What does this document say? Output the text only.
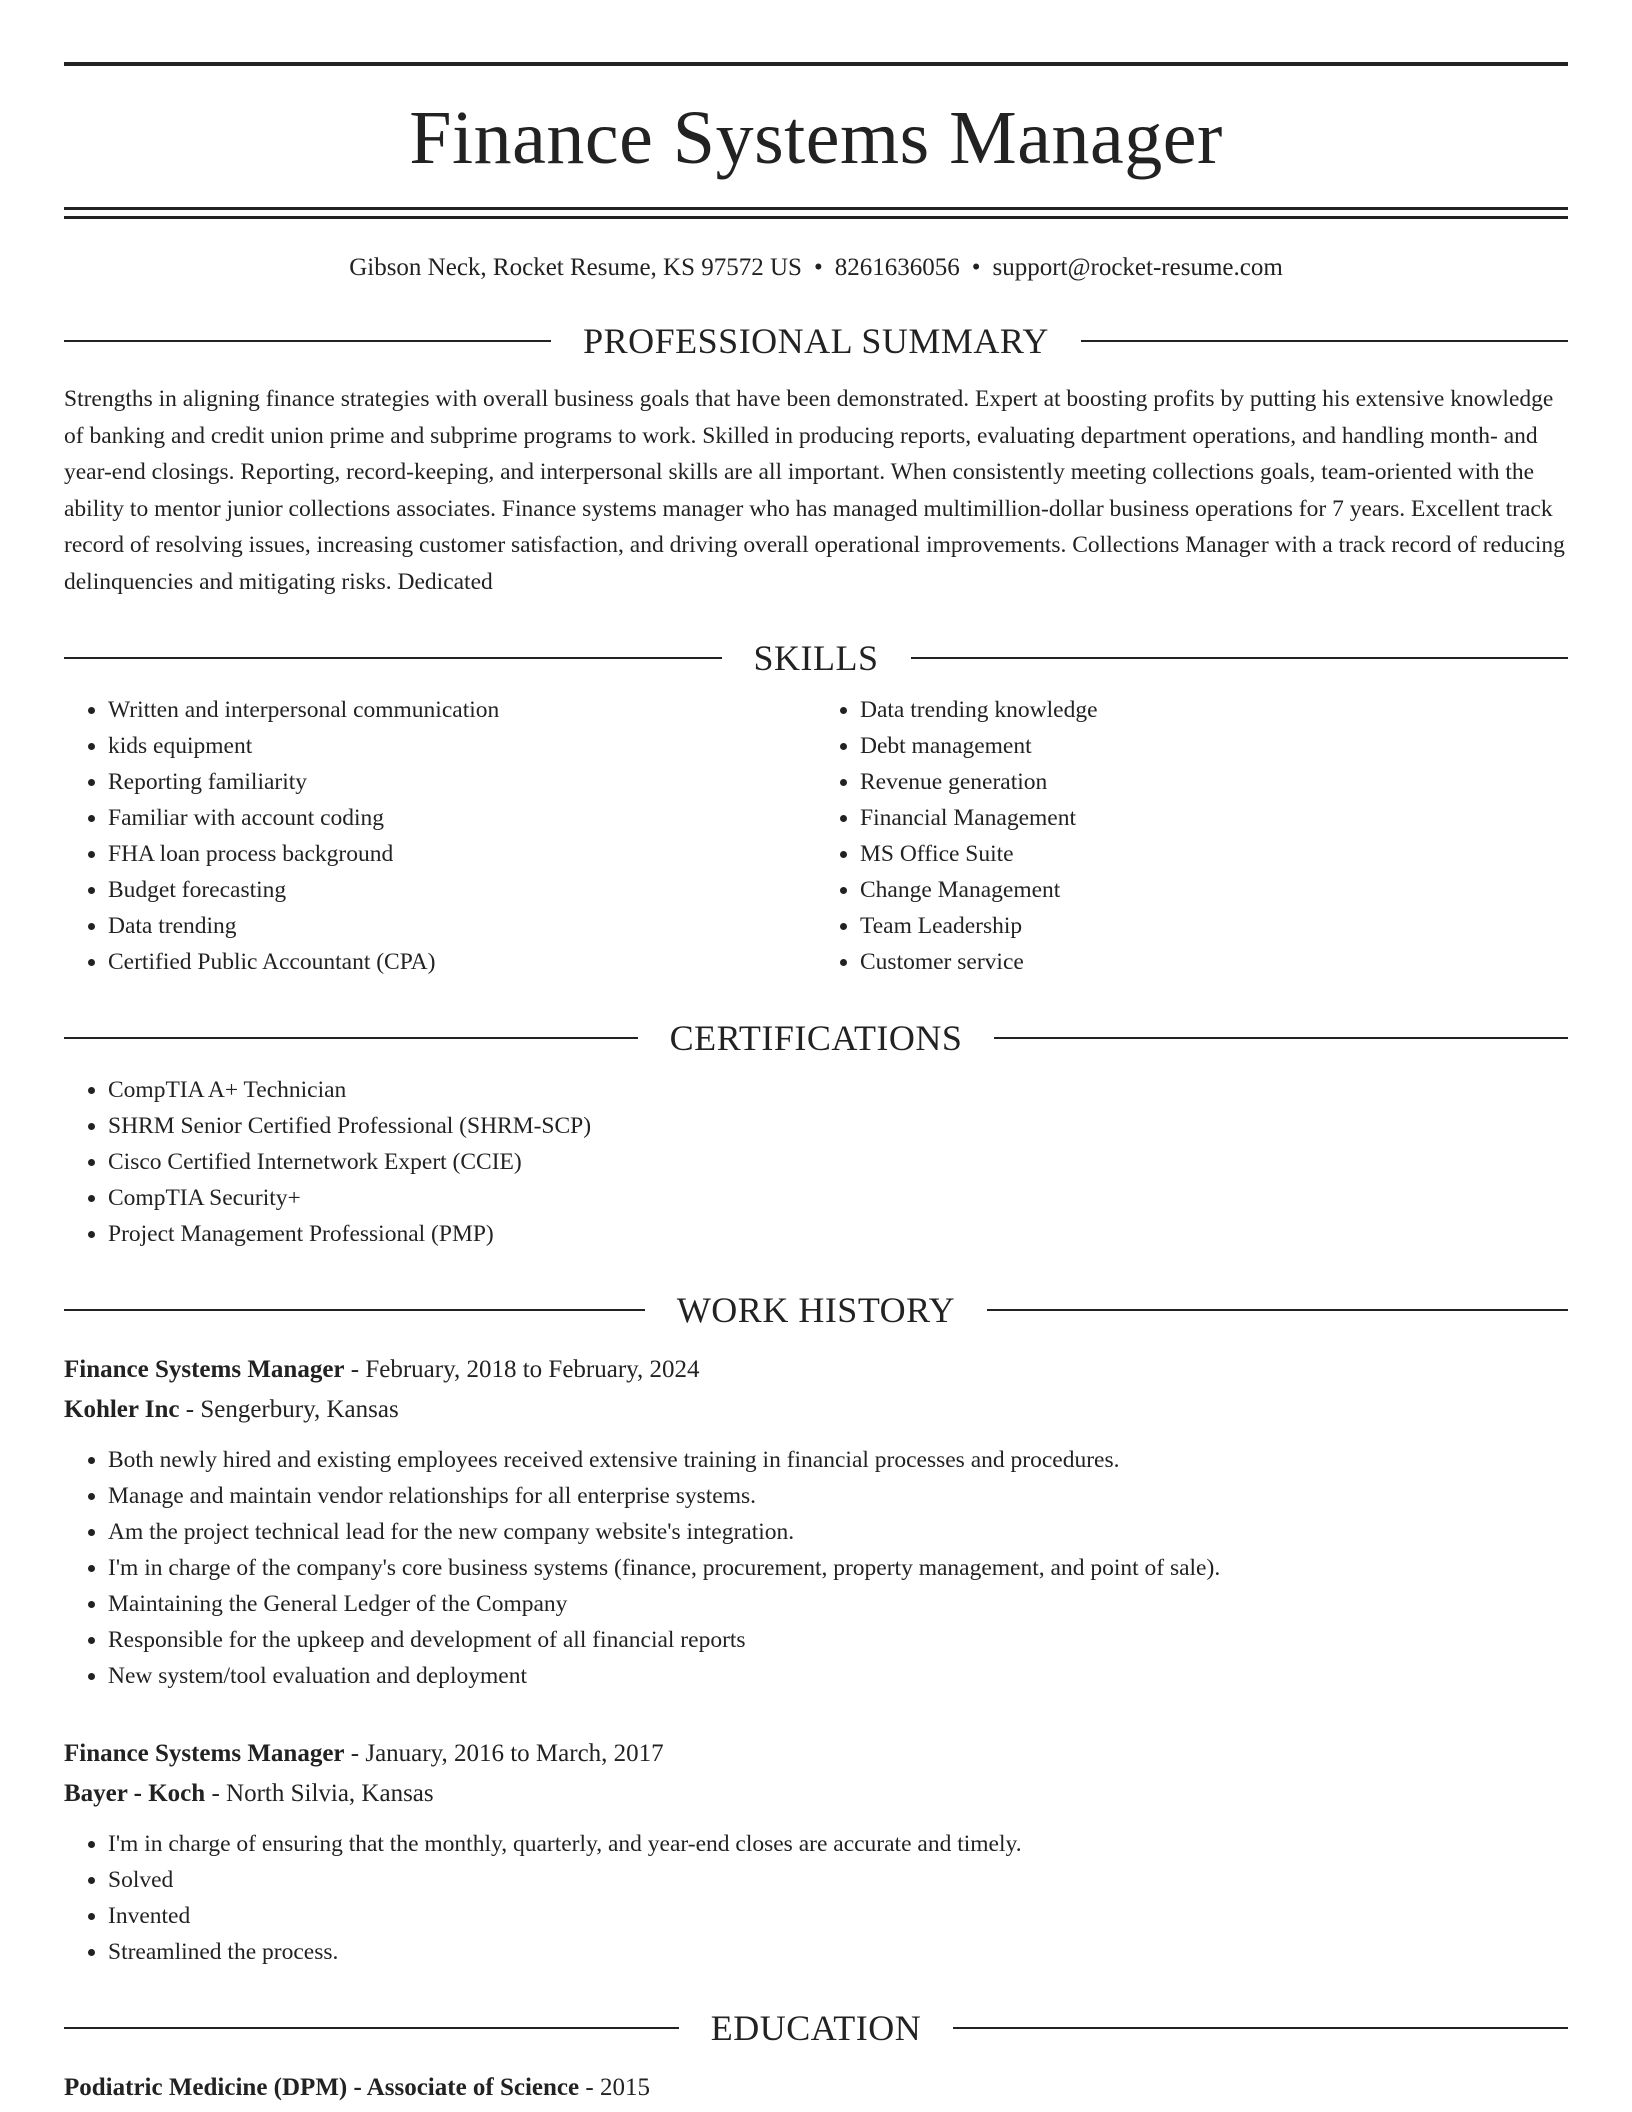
Finance Systems Manager
Gibson Neck, Rocket Resume, KS 97572 US • 8261636056 • support@rocket-resume.com
PROFESSIONAL SUMMARY
Strengths in aligning finance strategies with overall business goals that have been demonstrated. Expert at boosting profits by putting his extensive knowledge of banking and credit union prime and subprime programs to work. Skilled in producing reports, evaluating department operations, and handling month- and year-end closings. Reporting, record-keeping, and interpersonal skills are all important. When consistently meeting collections goals, team-oriented with the ability to mentor junior collections associates. Finance systems manager who has managed multimillion-dollar business operations for 7 years. Excellent track record of resolving issues, increasing customer satisfaction, and driving overall operational improvements. Collections Manager with a track record of reducing delinquencies and mitigating risks. Dedicated
SKILLS
• Written and interpersonal communication
• kids equipment
• Reporting familiarity
• Familiar with account coding
• FHA loan process background
• Budget forecasting
• Data trending
• Certified Public Accountant (CPA)
• Data trending knowledge
• Debt management
• Revenue generation
• Financial Management
• MS Office Suite
• Change Management
• Team Leadership
• Customer service
CERTIFICATIONS
• CompTIA A+ Technician
• SHRM Senior Certified Professional (SHRM-SCP)
• Cisco Certified Internetwork Expert (CCIE)
• CompTIA Security+
• Project Management Professional (PMP)
WORK HISTORY
Finance Systems Manager - February, 2018 to February, 2024
Kohler Inc - Sengerbury, Kansas
• Both newly hired and existing employees received extensive training in financial processes and procedures.
• Manage and maintain vendor relationships for all enterprise systems.
• Am the project technical lead for the new company website's integration.
• I'm in charge of the company's core business systems (finance, procurement, property management, and point of sale).
• Maintaining the General Ledger of the Company
• Responsible for the upkeep and development of all financial reports
• New system/tool evaluation and deployment
Finance Systems Manager - January, 2016 to March, 2017
Bayer - Koch - North Silvia, Kansas
• I'm in charge of ensuring that the monthly, quarterly, and year-end closes are accurate and timely.
• Solved
• Invented
• Streamlined the process.
EDUCATION
Podiatric Medicine (DPM) - Associate of Science - 2015
